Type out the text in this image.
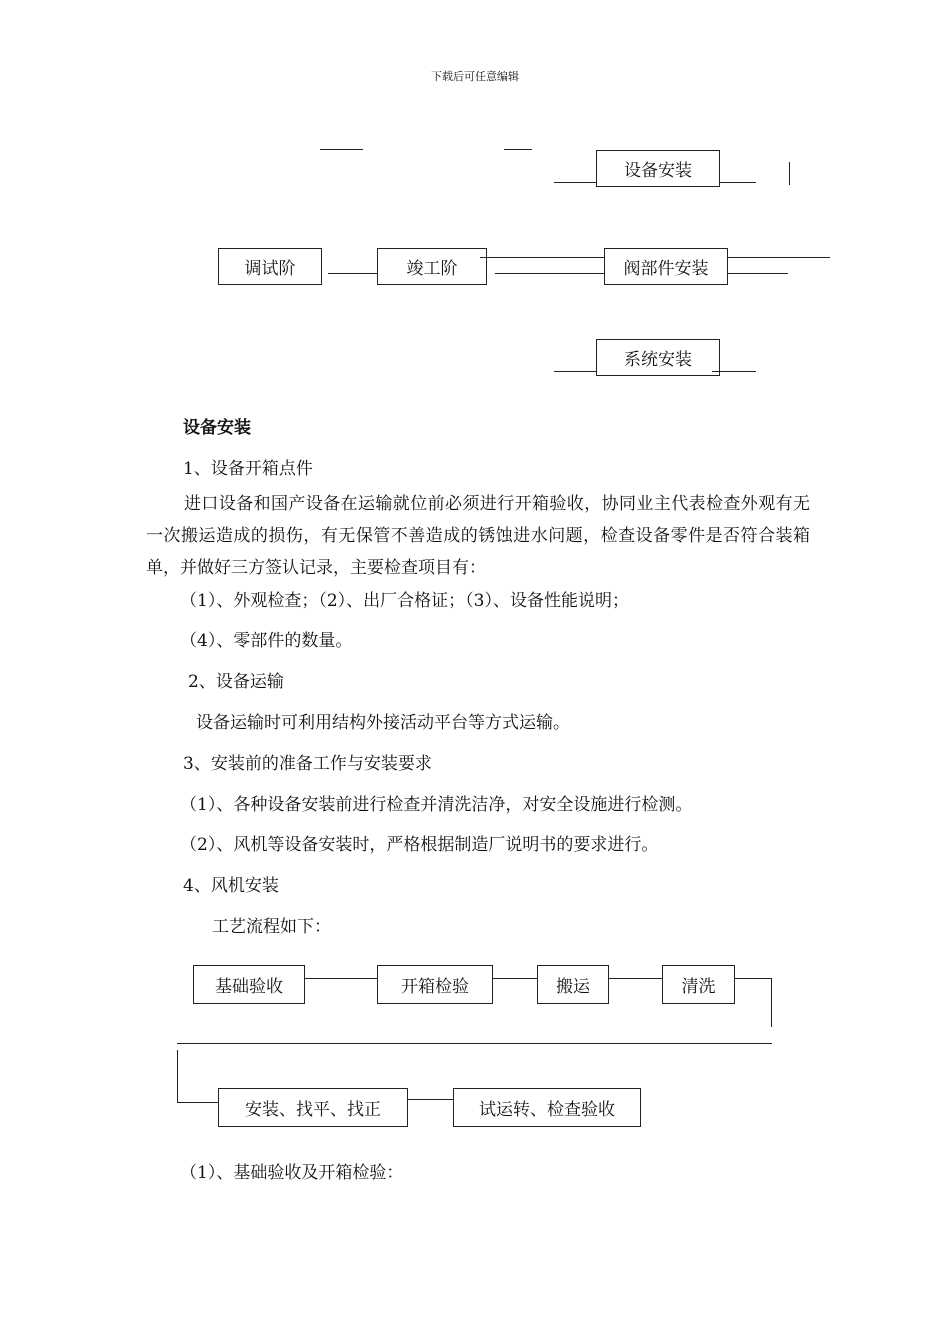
下载后可任意编辑
设备安装
调试 阶	竣工 阶	阀部件安装
系统安装
设备安装
1、设备开箱点件
进口设备和国产设备在运输就位前必须进行开箱验收，协同业主代表检查外观有无一次搬运造成的损伤，有无保管不善造成的锈蚀进水问题，检查设备零件是否符合装箱单，并做好三方签认记录，主要检查项目有：
（1）、外观检查；（2）、出厂合格证；（3）、设备性能说明；
（4）、零部件的数量。
2、设备运输
设备运输时可利用结构外接活动平台等方式运输。
3、安装前的准备工作与安装要求
（1）、各种设备安装前进行检查并清洗洁净，对安全设施进行检测。
（2）、风机等设备安装时，严格根据制造厂说明书的要求进行。
4、风机安装
工艺流程如下：
基础验收	开箱检验	搬运	清洗
安装、找平、找正	试运转、检查验收
（1）、基础验收及开箱检验：
